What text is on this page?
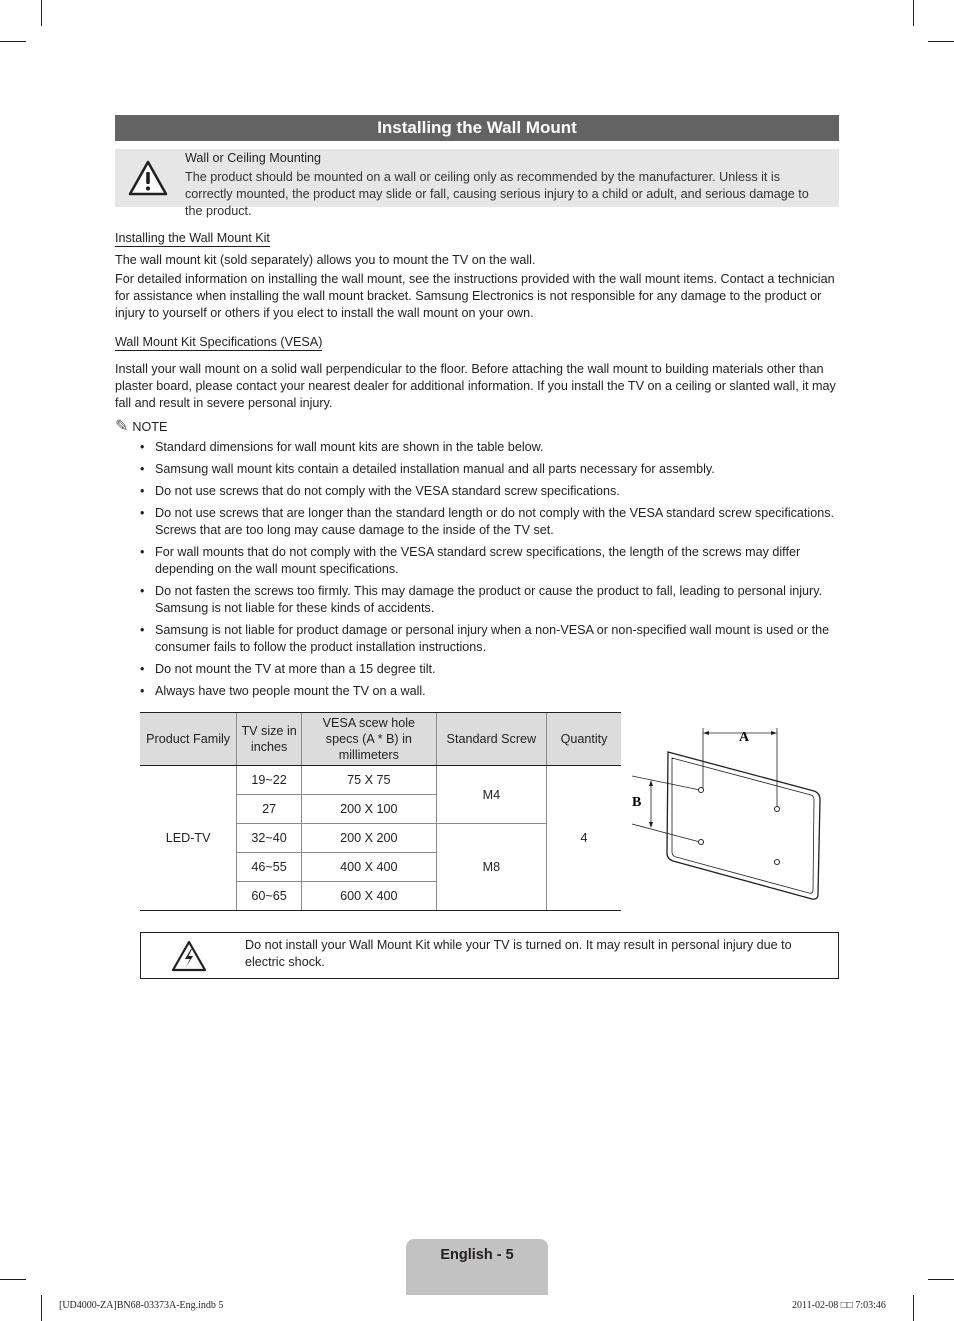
Installing the Wall Mount
Wall or Ceiling Mounting
The product should be mounted on a wall or ceiling only as recommended by the manufacturer. Unless it is correctly mounted, the product may slide or fall, causing serious injury to a child or adult, and serious damage to the product.
Installing the Wall Mount Kit

The wall mount kit (sold separately) allows you to mount the TV on the wall.

For detailed information on installing the wall mount, see the instructions provided with the wall mount items. Contact a technician for assistance when installing the wall mount bracket. Samsung Electronics is not responsible for any damage to the product or injury to yourself or others if you elect to install the wall mount on your own.

Wall Mount Kit Specifications (VESA)

Install your wall mount on a solid wall perpendicular to the floor. Before attaching the wall mount to building materials other than plaster board, please contact your nearest dealer for additional information. If you install the TV on a ceiling or slanted wall, it may fall and result in severe personal injury.

✎ NOTE
• Standard dimensions for wall mount kits are shown in the table below.
• Samsung wall mount kits contain a detailed installation manual and all parts necessary for assembly.
• Do not use screws that do not comply with the VESA standard screw specifications.
• Do not use screws that are longer than the standard length or do not comply with the VESA standard screw specifications. Screws that are too long may cause damage to the inside of the TV set.
• For wall mounts that do not comply with the VESA standard screw specifications, the length of the screws may differ depending on the wall mount specifications.
• Do not fasten the screws too firmly. This may damage the product or cause the product to fall, leading to personal injury. Samsung is not liable for these kinds of accidents.
• Samsung is not liable for product damage or personal injury when a non-VESA or non-specified wall mount is used or the consumer fails to follow the product installation instructions.
• Do not mount the TV at more than a 15 degree tilt.
• Always have two people mount the TV on a wall.
Product Family	TV size in inches	VESA scew hole specs (A * B) in millimeters	Standard Screw	Quantity
LED-TV	19~22	75 X 75	M4	4
	27	200 X 100		
	32~40	200 X 200	M8	
	46~55	400 X 400		
	60~65	600 X 400		
A
B
Do not install your Wall Mount Kit while your TV is turned on. It may result in personal injury due to electric shock.
English - 5
[UD4000-ZA]BN68-03373A-Eng.indb 5	2011-02-08 □□ 7:03:46
